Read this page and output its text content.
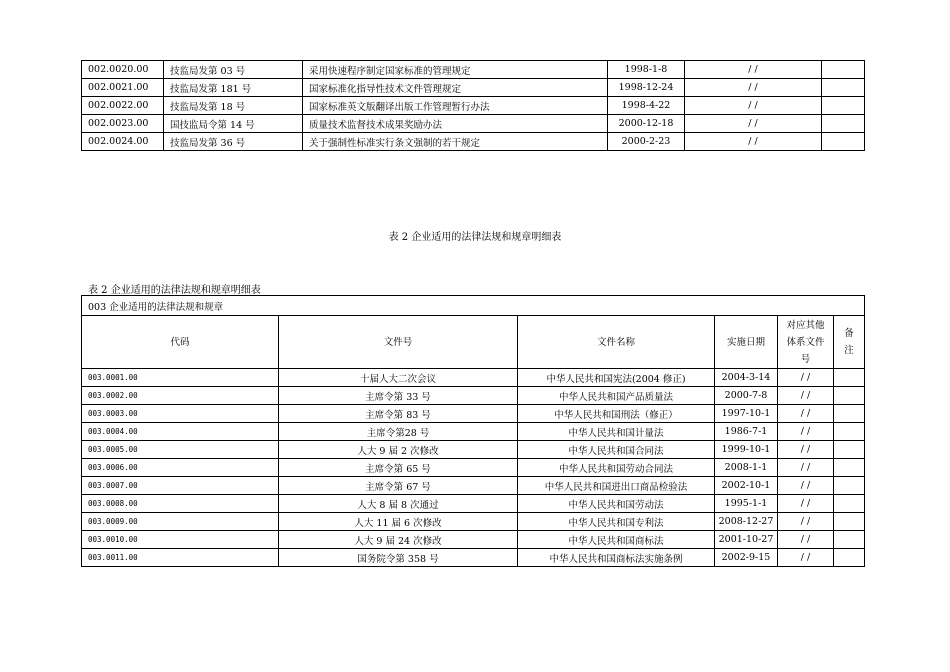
002.0020.00	技监局发第 03 号	采用快速程序制定国家标准的管理规定	1998-1-8	/ /	
002.0021.00	技监局发第 181 号	国家标准化指导性技术文件管理规定	1998-12-24	/ /	
002.0022.00	技监局发第 18 号	国家标准英文版翻译出版工作管理暂行办法	1998-4-22	/ /	
002.0023.00	国技监局令第 14 号	质量技术监督技术成果奖励办法	2000-12-18	/ /	
002.0024.00	技监局发第 36 号	关于强制性标准实行条文强制的若干规定	2000-2-23	/ /	
表 2 企业适用的法律法规和规章明细表
表 2 企业适用的法律法规和规章明细表
003 企业适用的法律法规和规章					
代码	文件号	文件名称	实施日期	对应其他体系文件号	备注
003.0001.00	十届人大二次会议	中华人民共和国宪法(2004 修正)	2004-3-14	/ /	
003.0002.00	主席令第 33 号	中华人民共和国产品质量法	2000-7-8	/ /	
003.0003.00	主席令第 83 号	中华人民共和国刑法（修正）	1997-10-1	/ /	
003.0004.00	主席令第28 号	中华人民共和国计量法	1986-7-1	/ /	
003.0005.00	人大 9 届 2 次修改	中华人民共和国合同法	1999-10-1	/ /	
003.0006.00	主席令第 65 号	中华人民共和国劳动合同法	2008-1-1	/ /	
003.0007.00	主席令第 67 号	中华人民共和国进出口商品检验法	2002-10-1	/ /	
003.0008.00	人大 8 届 8 次通过	中华人民共和国劳动法	1995-1-1	/ /	
003.0009.00	人大 11 届 6 次修改	中华人民共和国专利法	2008-12-27	/ /	
003.0010.00	人大 9 届 24 次修改	中华人民共和国商标法	2001-10-27	/ /	
003.0011.00	国务院令第 358 号	中华人民共和国商标法实施条例	2002-9-15	/ /	
